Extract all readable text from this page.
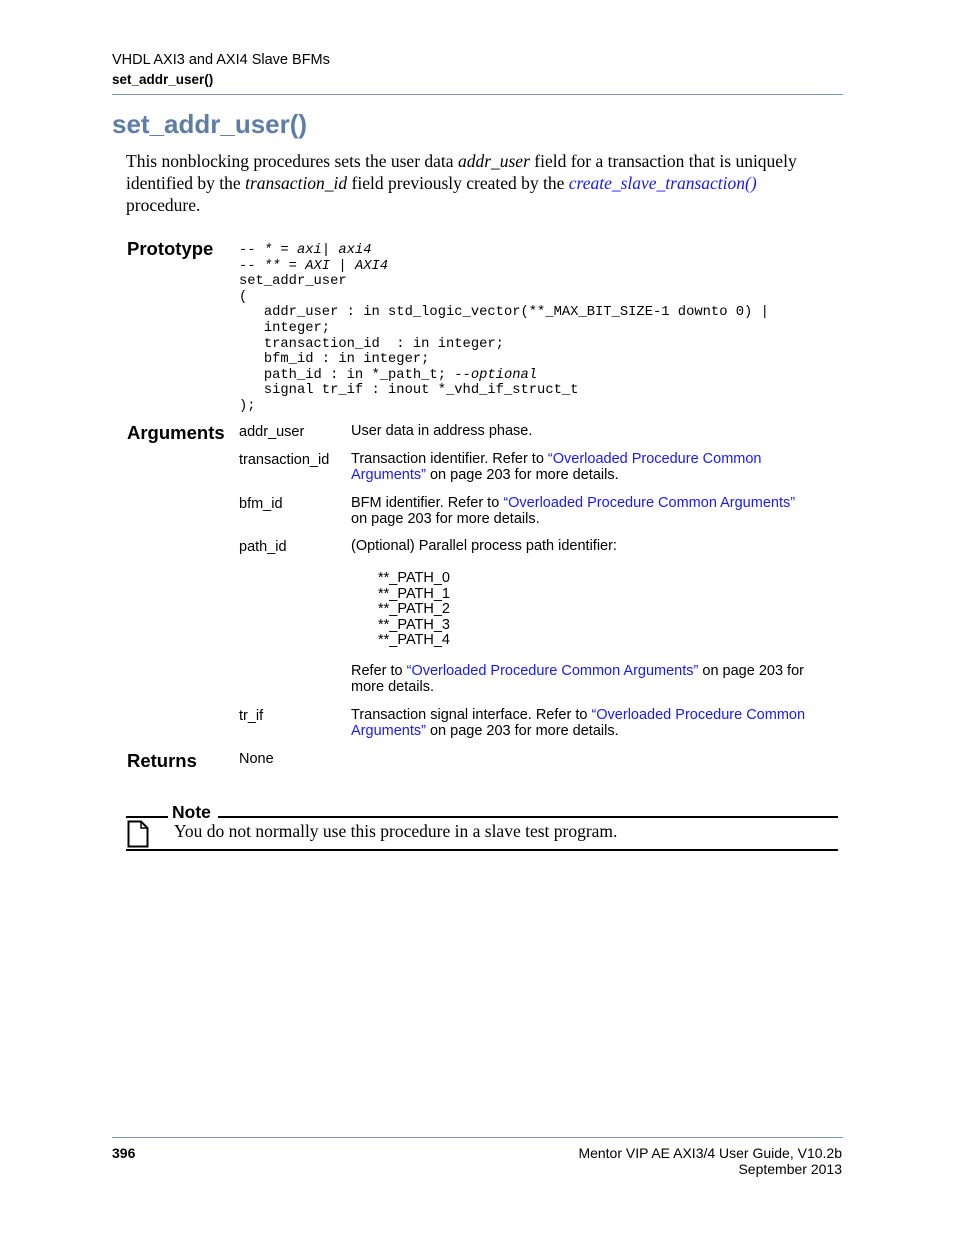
VHDL AXI3 and AXI4 Slave BFMs
set_addr_user()
set_addr_user()
This nonblocking procedures sets the user data addr_user field for a transaction that is uniquely identified by the transaction_id field previously created by the create_slave_transaction()
procedure.
Prototype -- * = axi| axi4
-- ** = AXI | AXI4
set_addr_user
(
addr_user : in std_logic_vector(**_MAX_BIT_SIZE-1 downto 0) |
integer;
transaction_id  : in integer;
bfm_id : in integer;
path_id : in *_path_t; --optional
signal tr_if : inout *_vhd_if_struct_t
);
Arguments addr_user	User data in address phase.
transaction_id Transaction identifier. Refer to “Overloaded Procedure Common
Arguments” on page 203 for more details.
bfm_id	BFM identifier. Refer to “Overloaded Procedure Common Arguments”
on page 203 for more details.
path_id	(Optional) Parallel process path identifier:
**_PATH_0
**_PATH_1
**_PATH_2
**_PATH_3
**_PATH_4
Refer to “Overloaded Procedure Common Arguments” on page 203 for
more details.
tr_if	Transaction signal interface. Refer to “Overloaded Procedure Common
Arguments” on page 203 for more details.
Returns	None
Note
You do not normally use this procedure in a slave test program.
396	Mentor VIP AE AXI3/4 User Guide, V10.2b
September 2013
